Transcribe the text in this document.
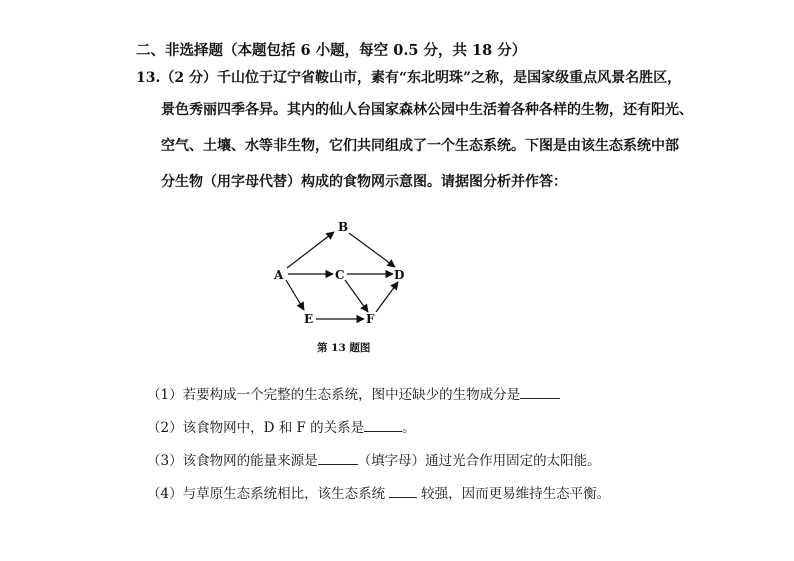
二、非选择题（本题包括 6 小题，每空 0.5 分，共 18 分）
13.（2 分）千山位于辽宁省鞍山市，素有“东北明珠”之称，是国家级重点风景名胜区，
景色秀丽四季各异。其内的仙人台国家森林公园中生活着各种各样的生物，还有阳光、
空气、土壤、水等非生物，它们共同组成了一个生态系统。下图是由该生态系统中部
分生物（用字母代替）构成的食物网示意图。请据图分析并作答：
A
B
C	D
E	F
第 13 题图
（1）若要构成一个完整的生态系统，图中还缺少的生物成分是
（2）该食物网中，D 和 F 的关系是	。
（3）该食物网的能量来源是	（填字母）通过光合作用固定的太阳能。
（4）与草原生态系统相比，该生态系统	较强，因而更易维持生态平衡。
